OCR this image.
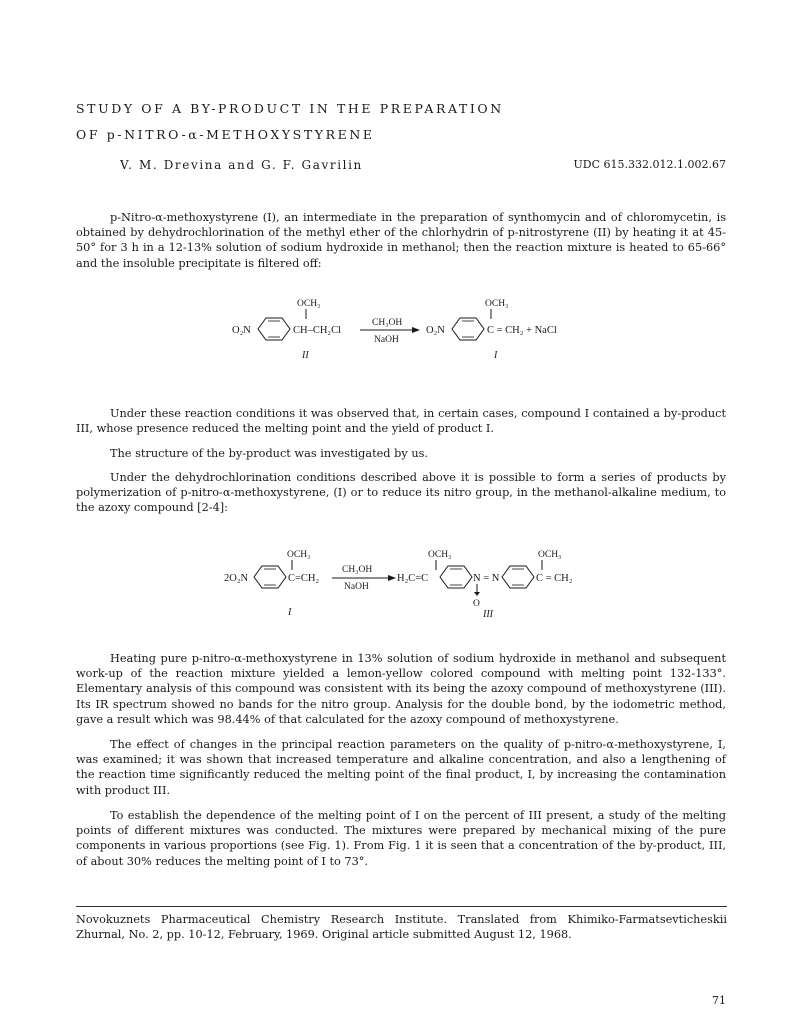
STUDY OF A BY-PRODUCT IN THE PREPARATION
OF p-NITRO-α-METHOXYSTYRENE
V. M. Drevina and G. F. Gavrilin	UDC 615.332.012.1.002.67

p-Nitro-α-methoxystyrene (I), an intermediate in the preparation of synthomycin and of chloromycetin, is obtained by dehydrochlorination of the methyl ether of the chlorhydrin of p-nitrostyrene (II) by heating it at 45-50° for 3 h in a 12-13% solution of sodium hydroxide in methanol; then the reaction mixture is heated to 65-66° and the insoluble precipitate is filtered off:

OCH₃
O₂N	CH–CH₂Cl
CH₃OH
NaOH
O₂N
OCH₃
C = CH₂ + NaCl
II	I

Under these reaction conditions it was observed that, in certain cases, compound I contained a by-product III, whose presence reduced the melting point and the yield of product I.

The structure of the by-product was investigated by us.

Under the dehydrochlorination conditions described above it is possible to form a series of products by polymerization of p-nitro-α-methoxystyrene, (I) or to reduce its nitro group, in the methanol-alkaline medium, to the azoxy compound [2-4]:

OCH₃
2O₂N	C=CH₂
CH₃OH
NaOH
H₂C=C
OCH₃
N = N
O
OCH₃
C = CH₂
I	III

Heating pure p-nitro-α-methoxystyrene in 13% solution of sodium hydroxide in methanol and subsequent work-up of the reaction mixture yielded a lemon-yellow colored compound with melting point 132-133°. Elementary analysis of this compound was consistent with its being the azoxy compound of methoxystyrene (III). Its IR spectrum showed no bands for the nitro group. Analysis for the double bond, by the iodometric method, gave a result which was 98.44% of that calculated for the azoxy compound of methoxystyrene.

The effect of changes in the principal reaction parameters on the quality of p-nitro-α-methoxystyrene, I, was examined; it was shown that increased temperature and alkaline concentration, and also a lengthening of the reaction time significantly reduced the melting point of the final product, I, by increasing the contamination with product III.

To establish the dependence of the melting point of I on the percent of III present, a study of the melting points of different mixtures was conducted. The mixtures were prepared by mechanical mixing of the pure components in various proportions (see Fig. 1). From Fig. 1 it is seen that a concentration of the by-product, III, of about 30% reduces the melting point of I to 73°.

Novokuznets Pharmaceutical Chemistry Research Institute. Translated from Khimiko-Farmatsevticheskii Zhurnal, No. 2, pp. 10-12, February, 1969. Original article submitted August 12, 1968.

71
